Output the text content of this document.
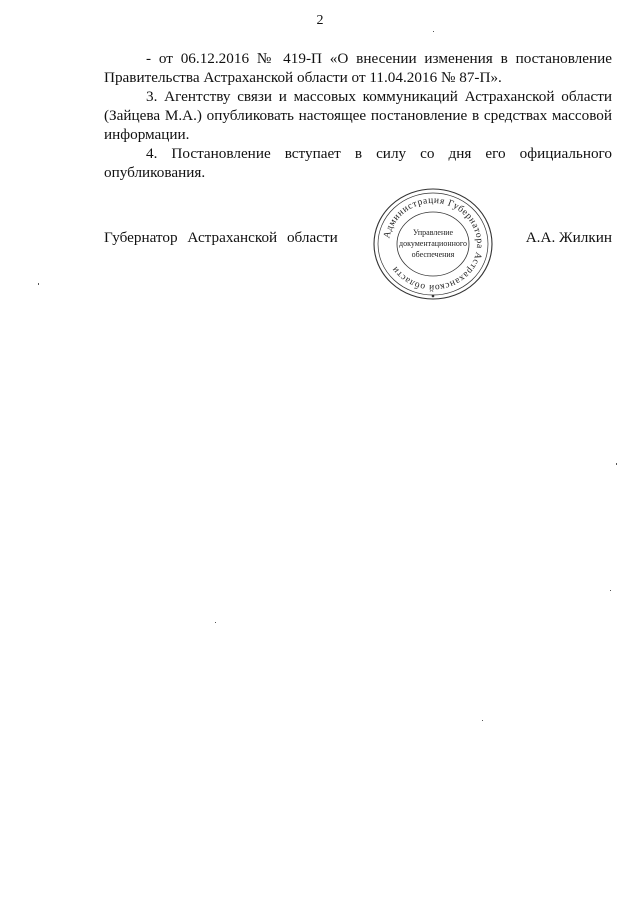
2

- от 06.12.2016 № 419-П «О внесении изменения в постановление Правительства Астраханской области от 11.04.2016 № 87-П».

3. Агентству связи и массовых коммуникаций Астраханской области (Зайцева М.А.) опубликовать настоящее постановление в средствах массовой информации.

4. Постановление вступает в силу со дня его официального опубликования.

Губернатор Астраханской области	А.А. Жилкин
Администрация Губернатора Астраханской области
Управление
документационного
обеспечения
